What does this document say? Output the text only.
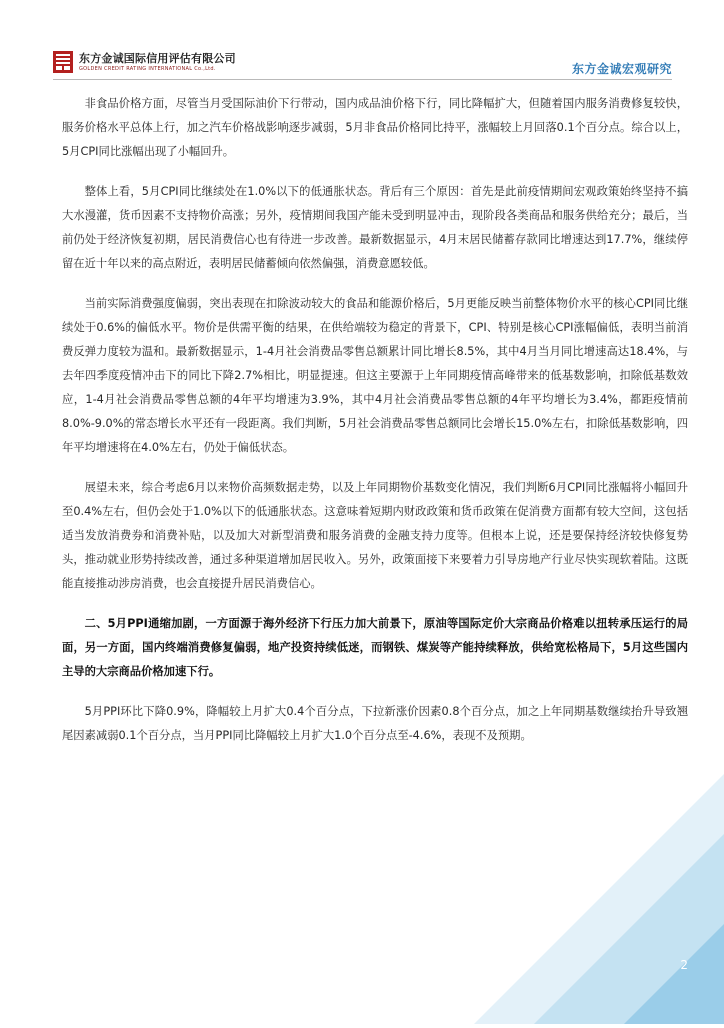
东方金诚国际信用评估有限公司
GOLDEN CREDIT RATING INTERNATIONAL Co.,Ltd.	东方金诚宏观研究

非食品价格方面，尽管当月受国际油价下行带动，国内成品油价格下行，同比降幅扩大，但随着国内服务消费修复较快，服务价格水平总体上行，加之汽车价格战影响逐步减弱，5月非食品价格同比持平，涨幅较上月回落0.1个百分点。综合以上，5月CPI同比涨幅出现了小幅回升。

整体上看，5月CPI同比继续处在1.0%以下的低通胀状态。背后有三个原因：首先是此前疫情期间宏观政策始终坚持不搞大水漫灌，货币因素不支持物价高涨；另外，疫情期间我国产能未受到明显冲击，现阶段各类商品和服务供给充分；最后，当前仍处于经济恢复初期，居民消费信心也有待进一步改善。最新数据显示，4月末居民储蓄存款同比增速达到17.7%，继续停留在近十年以来的高点附近，表明居民储蓄倾向依然偏强，消费意愿较低。

当前实际消费强度偏弱，突出表现在扣除波动较大的食品和能源价格后，5月更能反映当前整体物价水平的核心CPI同比继续处于0.6%的偏低水平。物价是供需平衡的结果，在供给端较为稳定的背景下，CPI、特别是核心CPI涨幅偏低，表明当前消费反弹力度较为温和。最新数据显示，1-4月社会消费品零售总额累计同比增长8.5%，其中4月当月同比增速高达18.4%，与去年四季度疫情冲击下的同比下降2.7%相比，明显提速。但这主要源于上年同期疫情高峰带来的低基数影响，扣除低基数效应，1-4月社会消费品零售总额的4年平均增速为3.9%，其中4月社会消费品零售总额的4年平均增长为3.4%，都距疫情前8.0%-9.0%的常态增长水平还有一段距离。我们判断，5月社会消费品零售总额同比会增长15.0%左右，扣除低基数影响，四年平均增速将在4.0%左右，仍处于偏低状态。

展望未来，综合考虑6月以来物价高频数据走势，以及上年同期物价基数变化情况，我们判断6月CPI同比涨幅将小幅回升至0.4%左右，但仍会处于1.0%以下的低通胀状态。这意味着短期内财政政策和货币政策在促消费方面都有较大空间，这包括适当发放消费券和消费补贴，以及加大对新型消费和服务消费的金融支持力度等。但根本上说，还是要保持经济较快修复势头，推动就业形势持续改善，通过多种渠道增加居民收入。另外，政策面接下来要着力引导房地产行业尽快实现软着陆。这既能直接推动涉房消费，也会直接提升居民消费信心。

二、5月PPI通缩加剧，一方面源于海外经济下行压力加大前景下，原油等国际定价大宗商品价格难以扭转承压运行的局面，另一方面，国内终端消费修复偏弱，地产投资持续低迷，而钢铁、煤炭等产能持续释放，供给宽松格局下，5月这些国内主导的大宗商品价格加速下行。

5月PPI环比下降0.9%，降幅较上月扩大0.4个百分点，下拉新涨价因素0.8个百分点，加之上年同期基数继续抬升导致翘尾因素减弱0.1个百分点，当月PPI同比降幅较上月扩大1.0个百分点至-4.6%，表现不及预期。

2
